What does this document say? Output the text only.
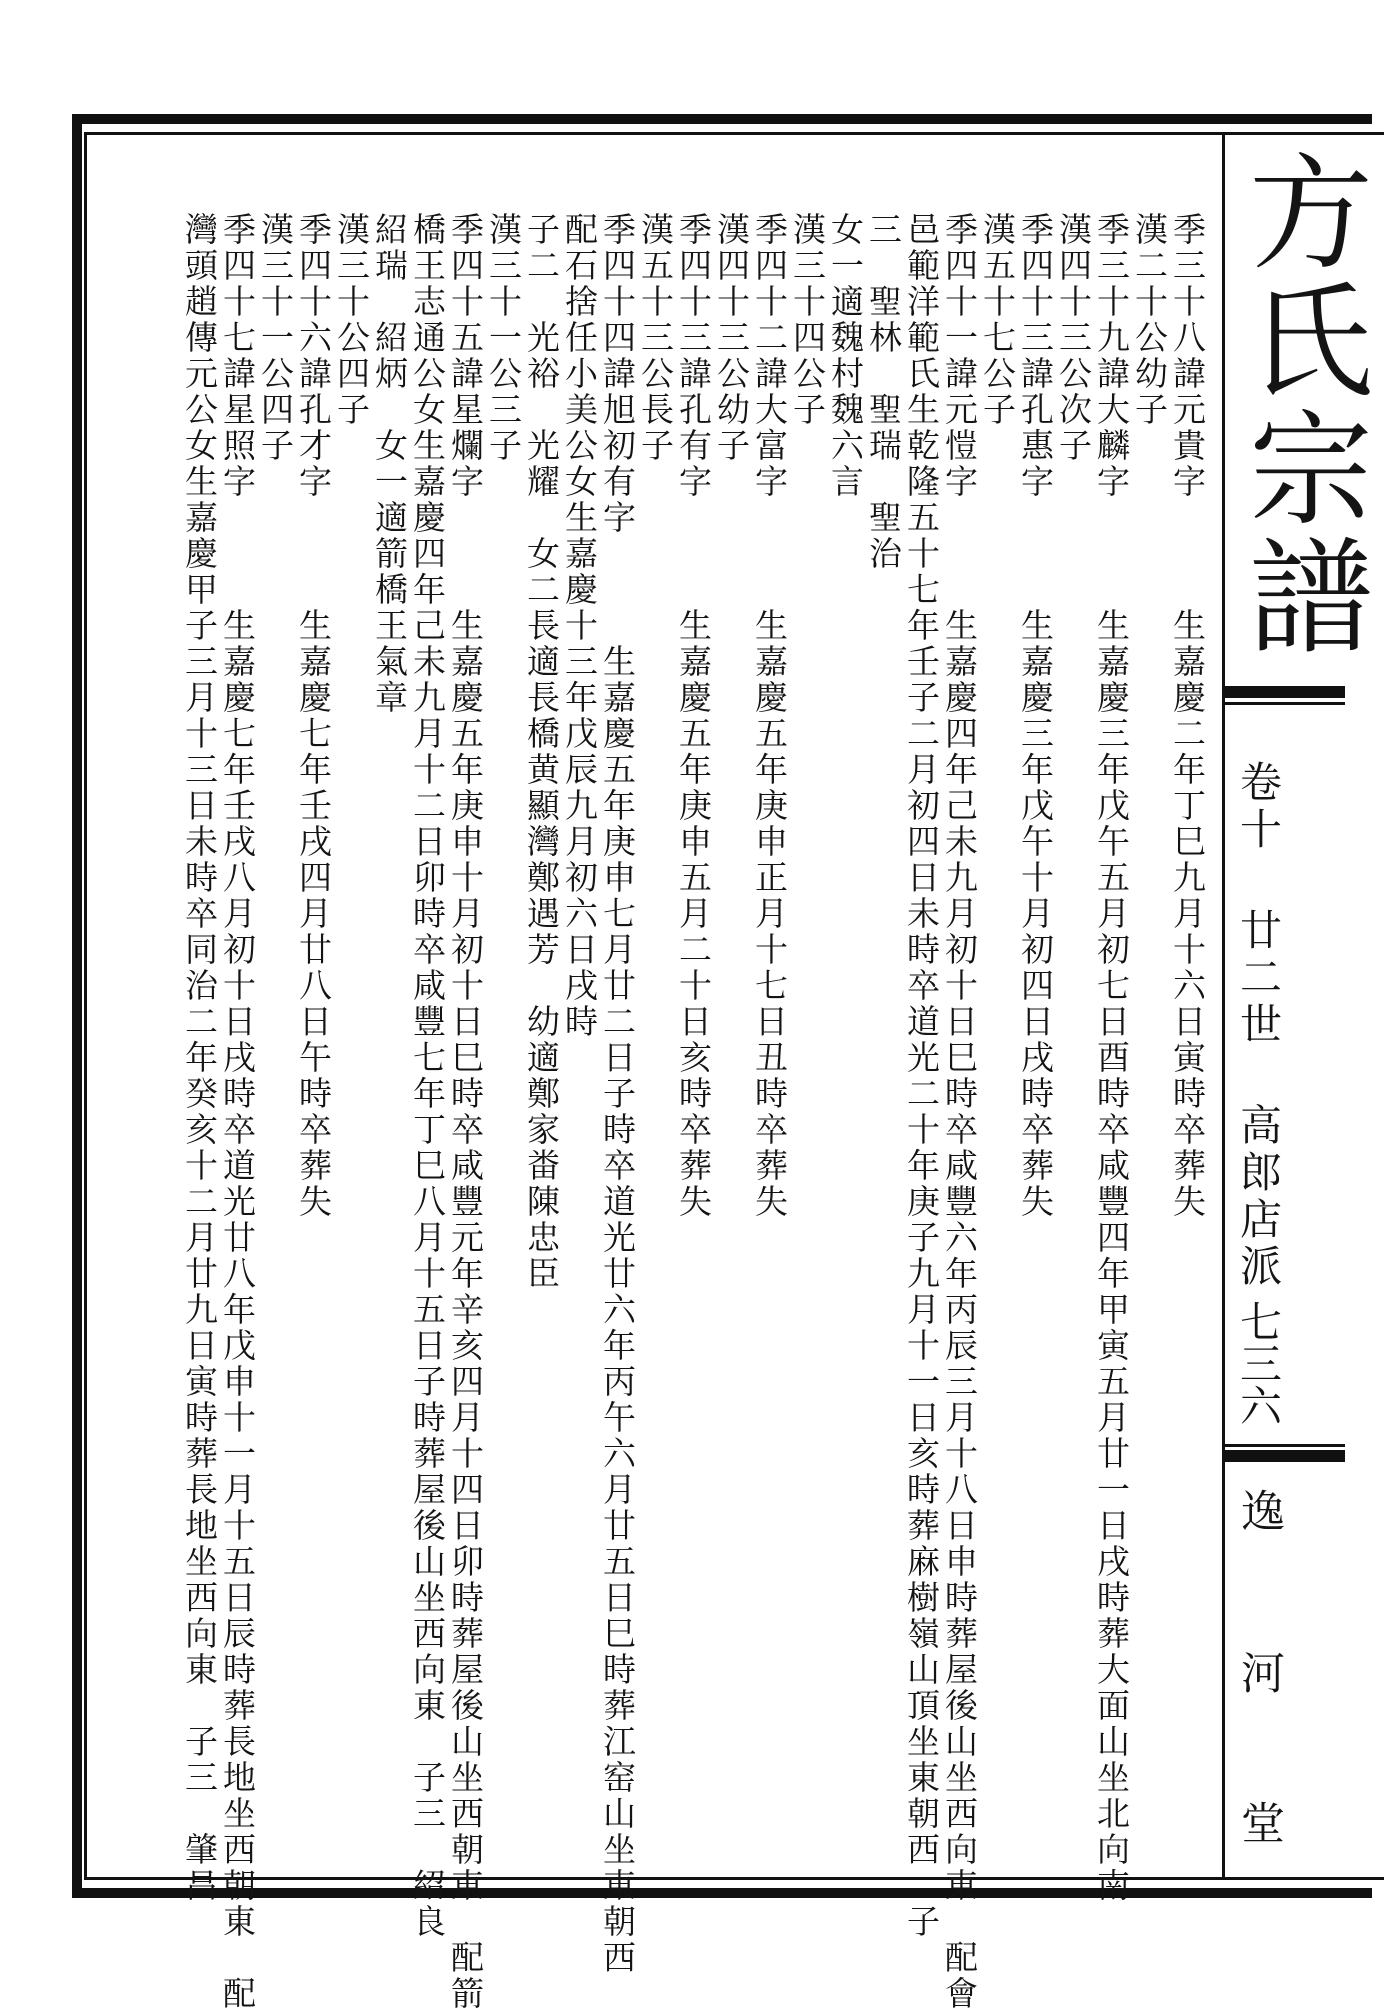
方氏宗譜
卷十 廿二世 高郎店派
七三六
逸
河
堂
季三十八諱元貴字　　　生嘉慶二年丁巳九月十六日寅時卒葬失
漢二十公幼子
季三十九諱大麟字　　　生嘉慶三年戊午五月初七日酉時卒咸豐四年甲寅五月廿一日戌時葬大面山坐北向南
漢四十三公次子
季四十三諱孔惠字　　　生嘉慶三年戊午十月初四日戌時卒葬失
漢五十七公子
季四十一諱元愷字　　　生嘉慶四年己未九月初十日巳時卒咸豐六年丙辰三月十八日申時葬屋後山坐西向東　配會
邑範洋範氏生乾隆五十七年壬子二月初四日未時卒道光二十年庚子九月十一日亥時葬麻樹嶺山頂坐東朝西　子
三　聖林　聖瑞　聖治
女一適魏村魏六言
漢三十四公子
季四十二諱大富字　　　生嘉慶五年庚申正月十七日丑時卒葬失
漢四十三公幼子
季四十三諱孔有字　　　生嘉慶五年庚申五月二十日亥時卒葬失
漢五十三公長子
季四十四諱旭初有字　　　生嘉慶五年庚申七月廿二日子時卒道光廿六年丙午六月廿五日巳時葬江窑山坐東朝西
配石捨任小美公女生嘉慶十三年戊辰九月初六日戌時
子二　光裕　光耀　女二長適長橋黄顯灣鄭遇芳　幼適鄭家畨陳忠臣
漢三十一公三子
季四十五諱星爛字　　　生嘉慶五年庚申十月初十日巳時卒咸豐元年辛亥四月十四日卯時葬屋後山坐西朝東　配箭
橋王志通公女生嘉慶四年己未九月十二日卯時卒咸豐七年丁巳八月十五日子時葬屋後山坐西向東　子三　紹良
紹瑞　紹炳　女一適箭橋王氣章
漢三十公四子
季四十六諱孔才字　　　生嘉慶七年壬戌四月廿八日午時卒葬失
漢三十一公四子
季四十七諱星照字　　　生嘉慶七年壬戌八月初十日戌時卒道光廿八年戊申十一月十五日辰時葬長地坐西朝東　配
灣頭趙傳元公女生嘉慶甲子三月十三日未時卒同治二年癸亥十二月廿九日寅時葬長地坐西向東　子三　肇昌
